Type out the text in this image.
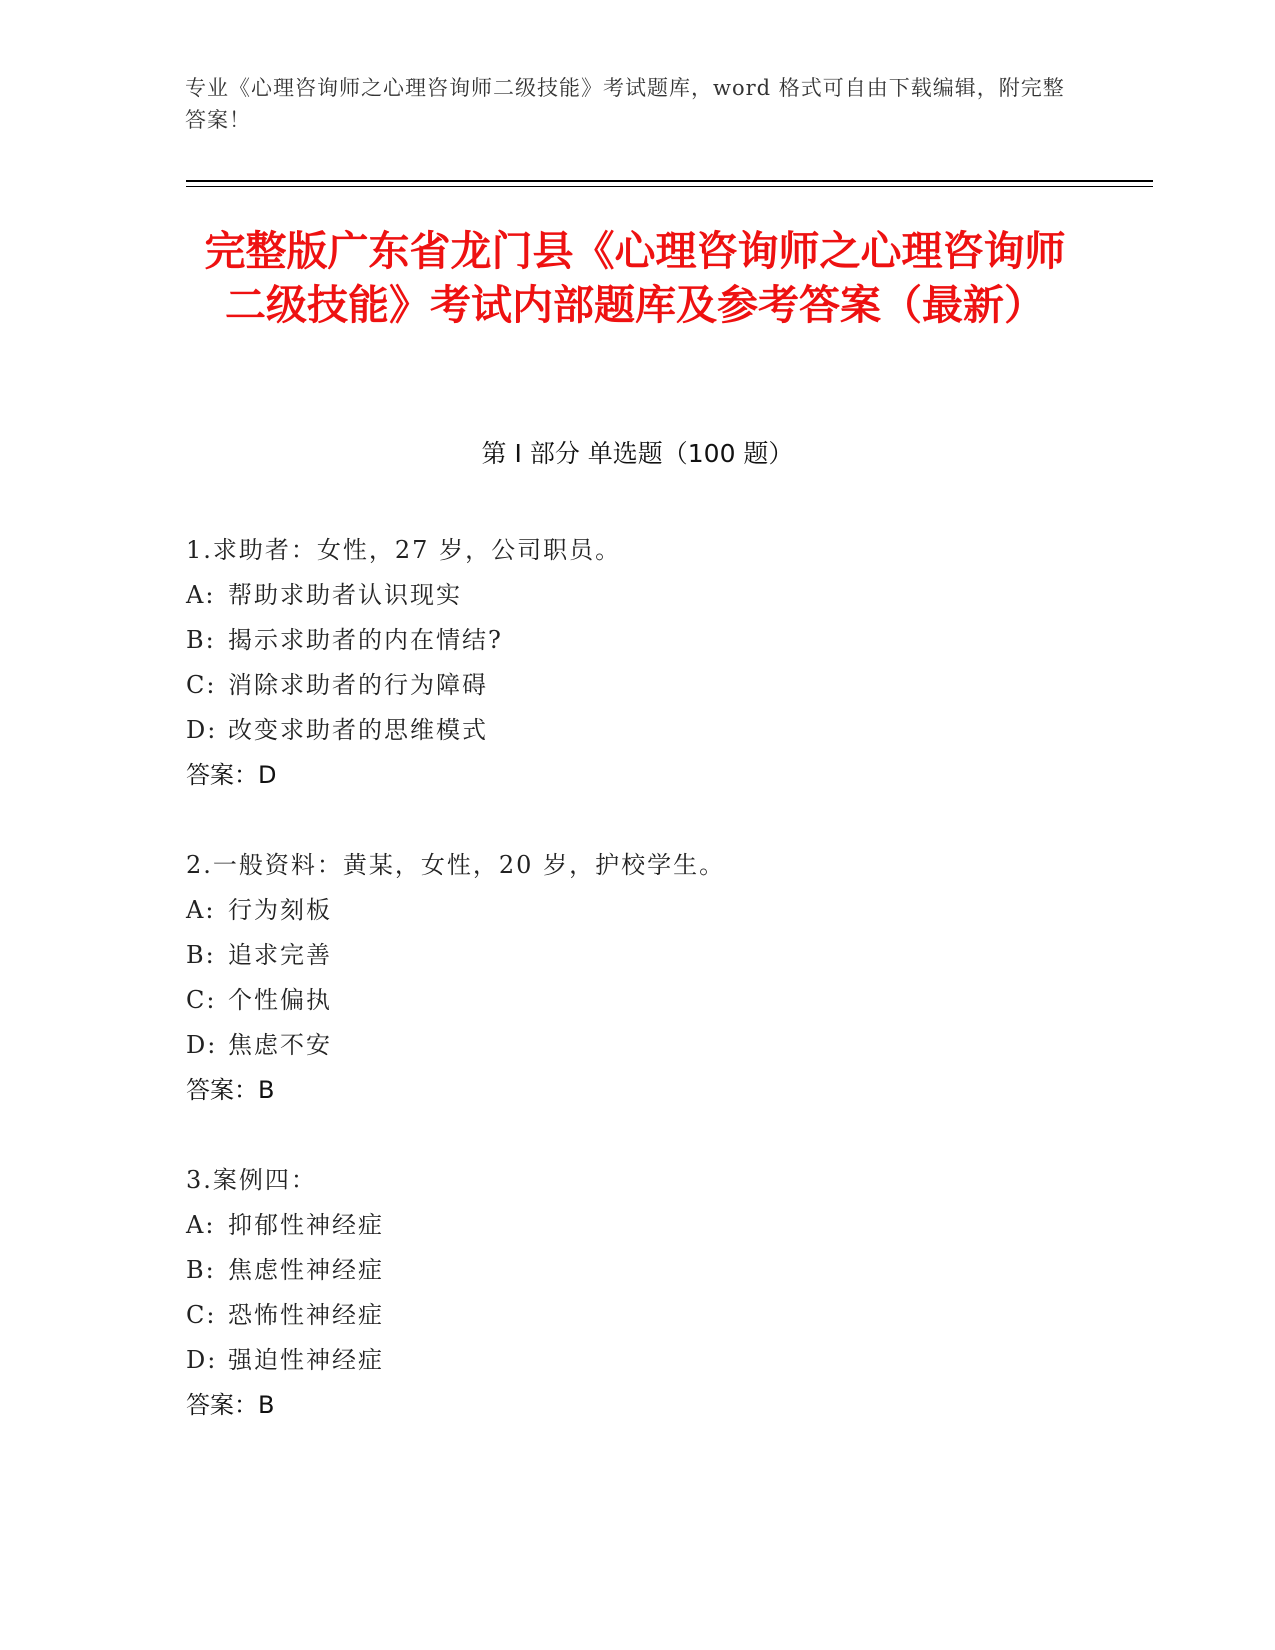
专业《心理咨询师之心理咨询师二级技能》考试题库，word 格式可自由下载编辑，附完整答案！
完整版广东省龙门县《心理咨询师之心理咨询师二级技能》考试内部题库及参考答案（最新）
第 I 部分 单选题（100 题）
1.求助者：女性，27 岁，公司职员。
A: 帮助求助者认识现实
B: 揭示求助者的内在情结?
C: 消除求助者的行为障碍
D: 改变求助者的思维模式
答案：D
2.一般资料：黄某，女性，20 岁，护校学生。
A: 行为刻板
B: 追求完善
C: 个性偏执
D: 焦虑不安
答案：B
3.案例四：
A: 抑郁性神经症
B: 焦虑性神经症
C: 恐怖性神经症
D: 强迫性神经症
答案：B
